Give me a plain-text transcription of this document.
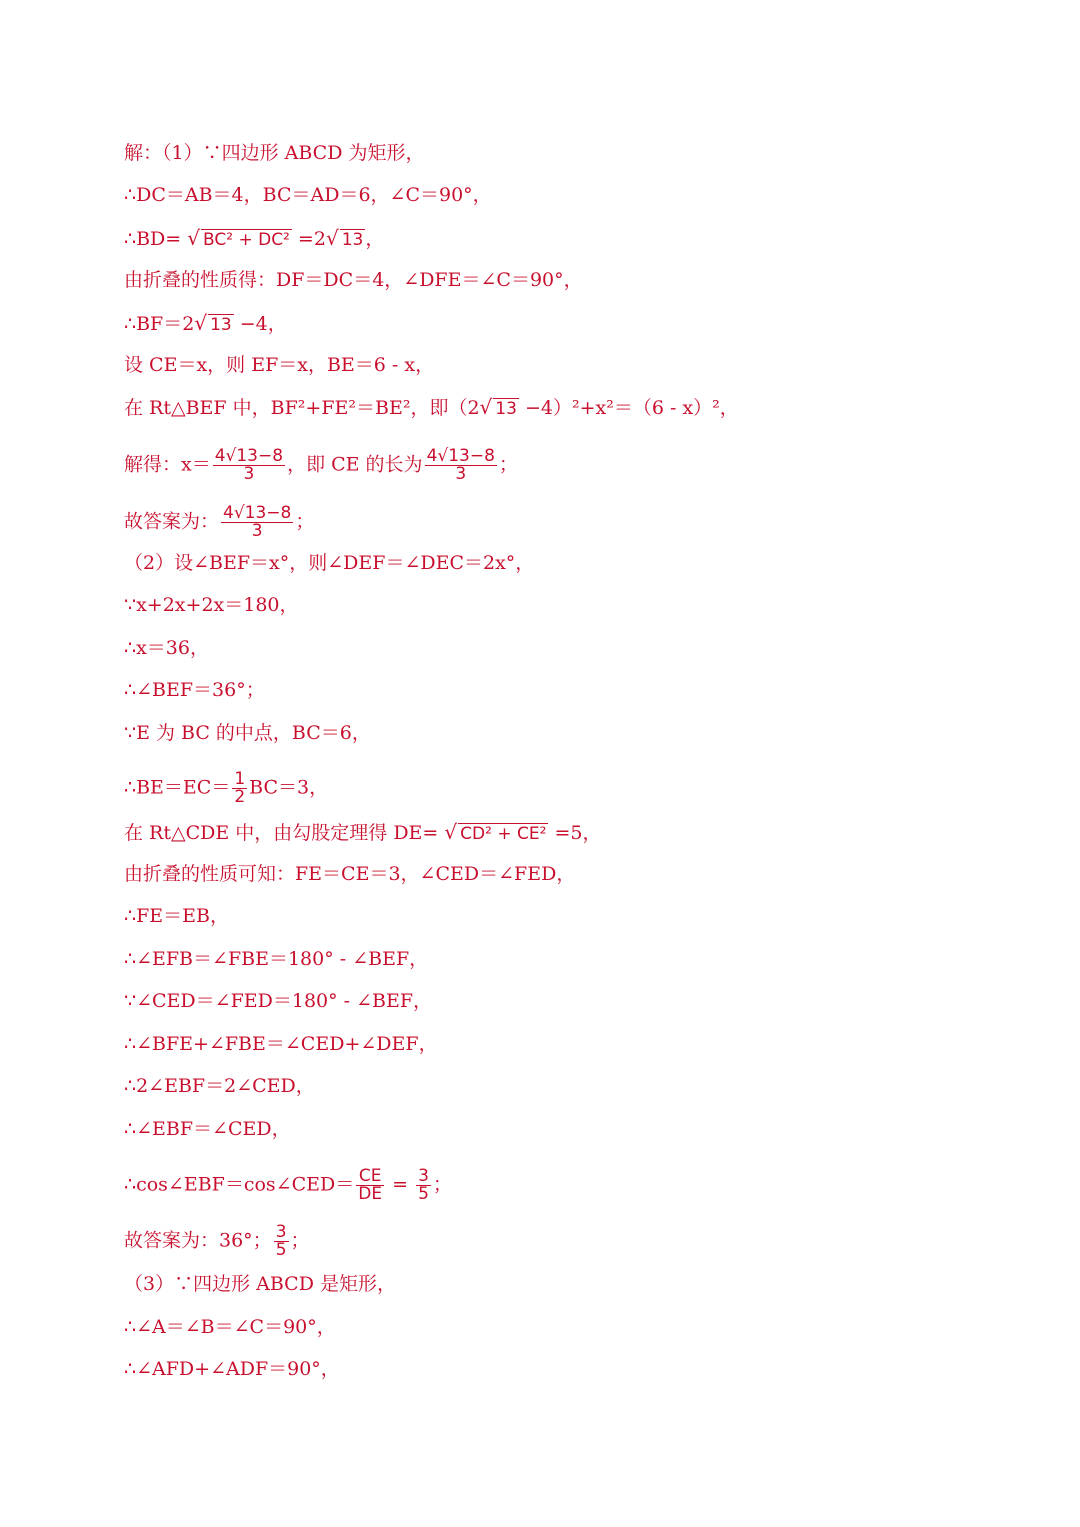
解：（1）∵四边形 ABCD 为矩形，
∴DC＝AB＝4，BC＝AD＝6，∠C＝90°，
∴BD= √ BC² + DC² =2√ 13 ，
由折叠的性质得：DF＝DC＝4，∠DFE＝∠C＝90°，
∴BF＝2√ 13 −4，
设 CE＝x，则 EF＝x，BE＝6 - x，
在 Rt△BEF 中，BF²+FE²＝BE²，即（2√ 13 −4）²+x²＝（6 - x）²，
解得：$x= \frac{4√13-8}{3}$ ，即 CE 的长为 $\frac{4√13-8}{3}$ ；
故答案为： $\frac{4√13-8}{3}$ ；
（2）设∠BEF＝x°，则∠DEF＝∠DEC＝2x°，
∵x+2x+2x＝180，
∴x＝36，
∴∠BEF＝36°；
∵E 为 BC 的中点，BC＝6，
∴BE＝EC＝ $\frac{1}{2} BC=3$，
在 Rt△CDE 中，由勾股定理得 DE= √ CD² + CE² =5，
由折叠的性质可知：FE＝CE＝3，∠CED＝∠FED，
∴FE＝EB，
∴∠EFB＝∠FBE＝180° - ∠BEF，
∵∠CED＝∠FED＝180° - ∠BEF，
∴∠BFE+∠FBE＝∠CED+∠DEF，
∴2∠EBF＝2∠CED，
∴∠EBF＝∠CED，
∴cos∠EBF＝cos∠CED＝ $\frac{CE}{DE} = \frac{3}{5}$ ；
故答案为：36°； $\frac{3}{5}$ ；
（3）∵四边形 ABCD 是矩形，
∴∠A＝∠B＝∠C＝90°，
∴∠AFD+∠ADF＝90°，
